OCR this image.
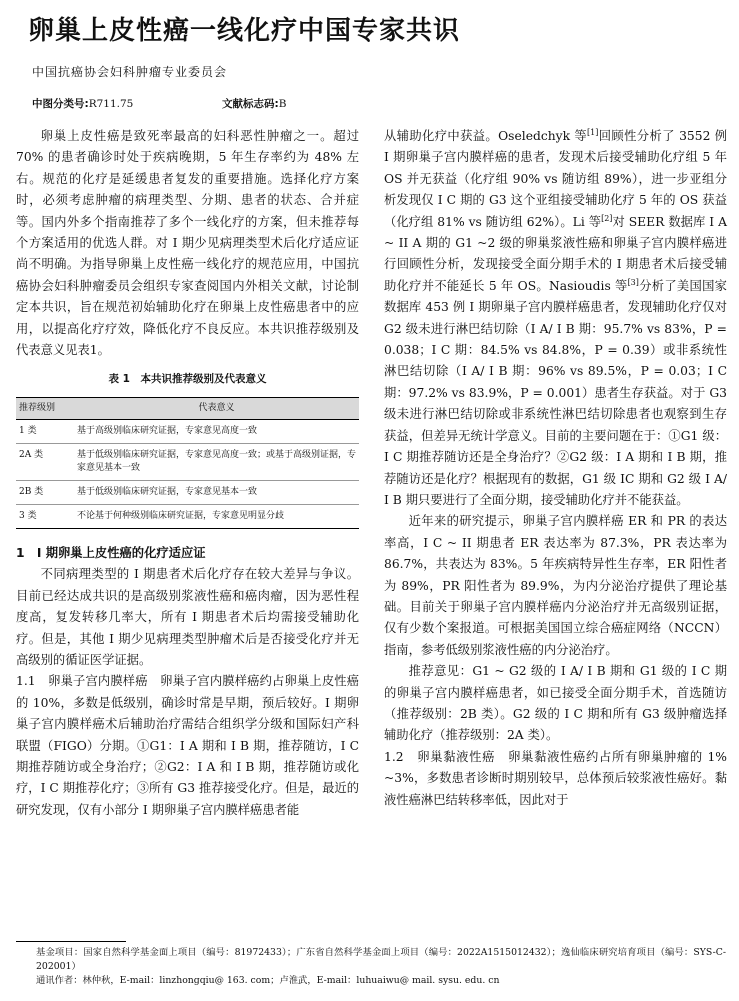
卵巢上皮性癌一线化疗中国专家共识
中国抗癌协会妇科肿瘤专业委员会
中图分类号:R711.75	文献标志码:B

卵巢上皮性癌是致死率最高的妇科恶性肿瘤之一。超过 70% 的患者确诊时处于疾病晚期，5 年生存率约为 48% 左右。规范的化疗是延缓患者复发的重要措施。选择化疗方案时，必须考虑肿瘤的病理类型、分期、患者的状态、合并症等。国内外多个指南推荐了多个一线化疗的方案，但未推荐每个方案适用的优选人群。对 I 期少见病理类型术后化疗适应证尚不明确。为指导卵巢上皮性癌一线化疗的规范应用，中国抗癌协会妇科肿瘤委员会组织专家查阅国内外相关文献，讨论制定本共识，旨在规范初始辅助化疗在卵巢上皮性癌患者中的应用，以提高化疗疗效，降低化疗不良反应。本共识推荐级别及代表意义见表1。

表 1　本共识推荐级别及代表意义
推荐级别	代表意义
1 类	基于高级别临床研究证据，专家意见高度一致
2A 类	基于低级别临床研究证据，专家意见高度一致；或基于高级别证据，专家意见基本一致
2B 类	基于低级别临床研究证据，专家意见基本一致
3 类	不论基于何种级别临床研究证据，专家意见明显分歧

1　I 期卵巢上皮性癌的化疗适应证

不同病理类型的 I 期患者术后化疗存在较大差异与争议。目前已经达成共识的是高级别浆液性癌和癌肉瘤，因为恶性程度高，复发转移几率大，所有 I 期患者术后均需接受辅助化疗。但是，其他 I 期少见病理类型肿瘤术后是否接受化疗并无高级别的循证医学证据。

1.1　卵巢子宫内膜样癌　卵巢子宫内膜样癌约占卵巢上皮性癌的 10%，多数是低级别，确诊时常是早期，预后较好。I 期卵巢子宫内膜样癌术后辅助治疗需结合组织学分级和国际妇产科联盟（FIGO）分期。①G1：I A 期和 I B 期，推荐随访，I C 期推荐随访或全身治疗；②G2：I A 和 I B 期，推荐随访或化疗，I C 期推荐化疗；③所有 G3 推荐接受化疗。但是，最近的研究发现，仅有小部分 I 期卵巢子宫内膜样癌患者能

从辅助化疗中获益。Oseledchyk 等[1]回顾性分析了 3552 例 I 期卵巢子宫内膜样癌的患者，发现术后接受辅助化疗组 5 年 OS 并无获益（化疗组 90% vs 随访组 89%），进一步亚组分析发现仅 I C 期的 G3 这个亚组接受辅助化疗 5 年的 OS 获益（化疗组 81% vs 随访组 62%）。Li 等[2]对 SEER 数据库 I A ~ II A 期的 G1 ~2 级的卵巢浆液性癌和卵巢子宫内膜样癌进行回顾性分析，发现接受全面分期手术的 I 期患者术后接受辅助化疗并不能延长 5 年 OS。Nasioudis 等[3]分析了美国国家数据库 453 例 I 期卵巢子宫内膜样癌患者，发现辅助化疗仅对 G2 级未进行淋巴结切除（I A/ I B 期：95.7% vs 83%，P = 0.038；I C 期：84.5% vs 84.8%，P = 0.39）或非系统性淋巴结切除（I A/ I B 期：96% vs 89.5%，P = 0.03；I C 期：97.2% vs 83.9%，P = 0.001）患者生存获益。对于 G3 级未进行淋巴结切除或非系统性淋巴结切除患者也观察到生存获益，但差异无统计学意义。目前的主要问题在于：①G1 级：I C 期推荐随访还是全身治疗？②G2 级：I A 期和 I B 期，推荐随访还是化疗？根据现有的数据，G1 级 IC 期和 G2 级 I A/ I B 期只要进行了全面分期，接受辅助化疗并不能获益。

近年来的研究提示，卵巢子宫内膜样癌 ER 和 PR 的表达率高，I C ~ II 期患者 ER 表达率为 87.3%，PR 表达率为 86.7%，共表达为 83%。5 年疾病特异性生存率，ER 阳性者为 89%，PR 阳性者为 89.9%，为内分泌治疗提供了理论基础。目前关于卵巢子宫内膜样癌内分泌治疗并无高级别证据，仅有少数个案报道。可根据美国国立综合癌症网络（NCCN）指南，参考低级别浆液性癌的内分泌治疗。

推荐意见：G1 ~ G2 级的 I A/ I B 期和 G1 级的 I C 期的卵巢子宫内膜样癌患者，如已接受全面分期手术，首选随访（推荐级别：2B 类）。G2 级的 I C 期和所有 G3 级肿瘤选择辅助化疗（推荐级别：2A 类）。

1.2　卵巢黏液性癌　卵巢黏液性癌约占所有卵巢肿瘤的 1% ~3%，多数患者诊断时期别较早，总体预后较浆液性癌好。黏液性癌淋巴结转移率低，因此对于

基金项目：国家自然科学基金面上项目（编号：81972433）；广东省自然科学基金面上项目（编号：2022A1515012432）；逸仙临床研究培育项目（编号：SYS-C-202001）

通讯作者：林仲秋，E-mail：linzhongqiu@ 163. com；卢淮武，E-mail：luhuaiwu@ mail. sysu. edu. cn
